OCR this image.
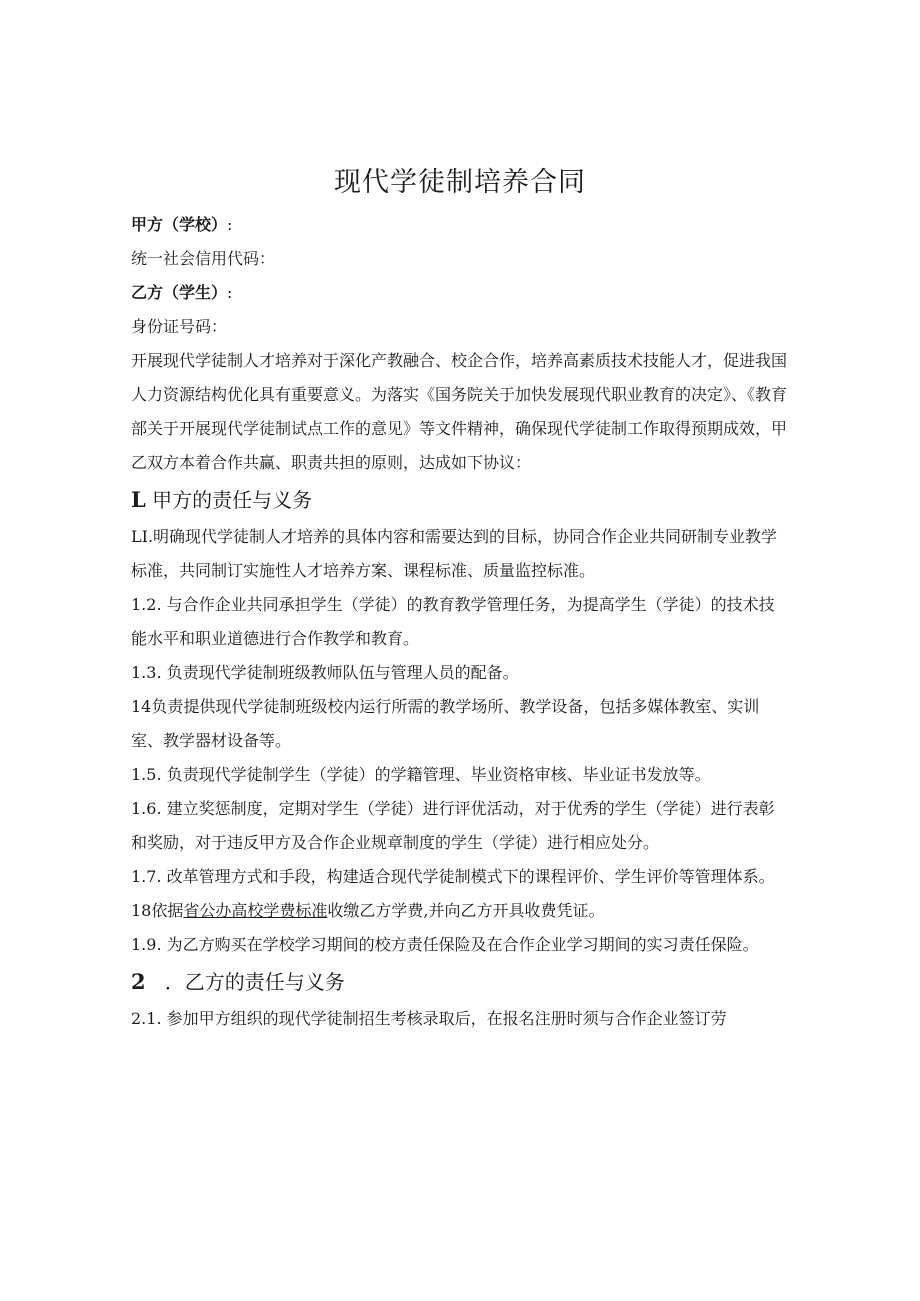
现代学徒制培养合同

甲方（学校）:

统一社会信用代码：

乙方（学生）:

身份证号码：

开展现代学徒制人才培养对于深化产教融合、校企合作，培养高素质技术技能人才，促进我国人力资源结构优化具有重要意义。为落实《国务院关于加快发展现代职业教育的决定》、《教育部关于开展现代学徒制试点工作的意见》等文件精神，确保现代学徒制工作取得预期成效，甲乙双方本着合作共赢、职责共担的原则，达成如下协议：

L 甲方的责任与义务

LI.明确现代学徒制人才培养的具体内容和需要达到的目标，协同合作企业共同研制专业教学标准，共同制订实施性人才培养方案、课程标准、质量监控标准。

1.2. 与合作企业共同承担学生（学徒）的教育教学管理任务，为提高学生（学徒）的技术技能水平和职业道德进行合作教学和教育。

1.3. 负责现代学徒制班级教师队伍与管理人员的配备。

14负责提供现代学徒制班级校内运行所需的教学场所、教学设备，包括多媒体教室、实训室、教学器材设备等。

1.5. 负责现代学徒制学生（学徒）的学籍管理、毕业资格审核、毕业证书发放等。

1.6. 建立奖惩制度，定期对学生（学徒）进行评优活动，对于优秀的学生（学徒）进行表彰和奖励，对于违反甲方及合作企业规章制度的学生（学徒）进行相应处分。

1.7. 改革管理方式和手段，构建适合现代学徒制模式下的课程评价、学生评价等管理体系。

18依据省公办高校学费标准收缴乙方学费,并向乙方开具收费凭证。

1.9. 为乙方购买在学校学习期间的校方责任保险及在合作企业学习期间的实习责任保险。

2 ．乙方的责任与义务

2.1. 参加甲方组织的现代学徒制招生考核录取后，在报名注册时须与合作企业签订劳
